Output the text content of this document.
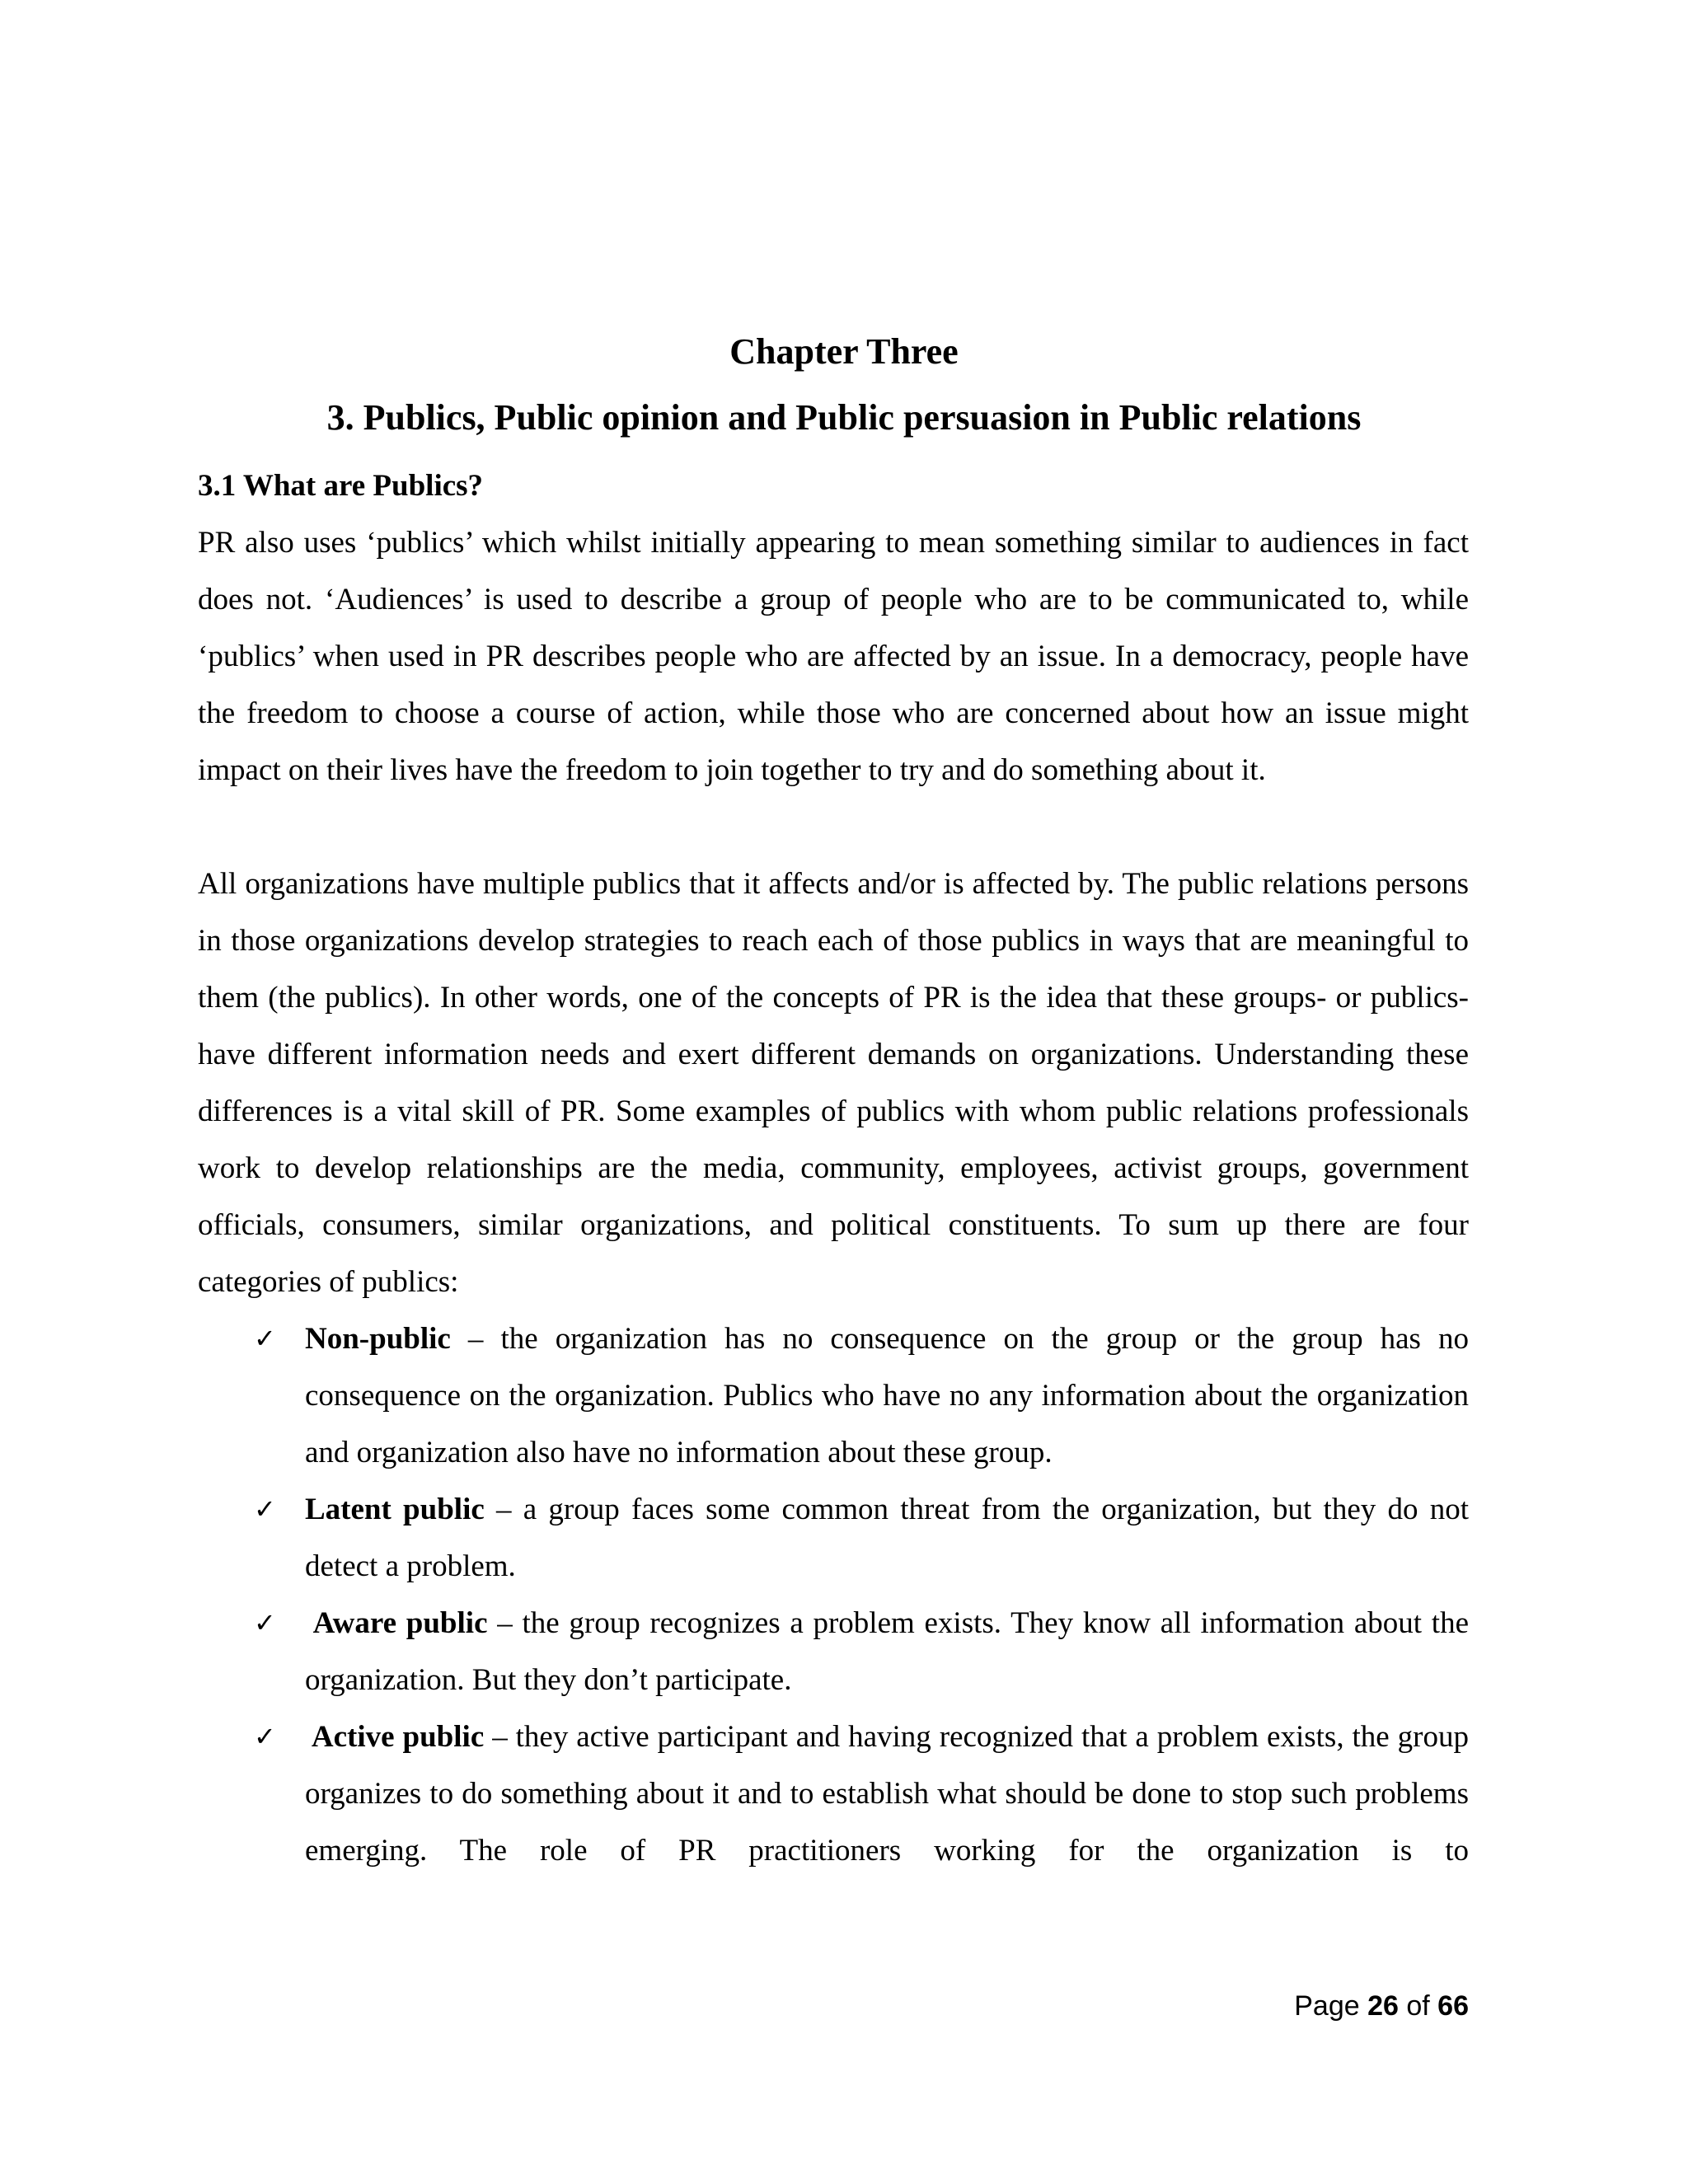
Chapter Three
3. Publics, Public opinion and Public persuasion in Public relations
3.1 What are Publics?

PR also uses ‘publics’ which whilst initially appearing to mean something similar to audiences in fact does not. ‘Audiences’ is used to describe a group of people who are to be communicated to, while ‘publics’ when used in PR describes people who are affected by an issue. In a democracy, people have the freedom to choose a course of action, while those who are concerned about how an issue might impact on their lives have the freedom to join together to try and do something about it.

All organizations have multiple publics that it affects and/or is affected by. The public relations persons in those organizations develop strategies to reach each of those publics in ways that are meaningful to them (the publics). In other words, one of the concepts of PR is the idea that these groups- or publics- have different information needs and exert different demands on organizations. Understanding these differences is a vital skill of PR. Some examples of publics with whom public relations professionals work to develop relationships are the media, community, employees, activist groups, government officials, consumers, similar organizations, and political constituents. To sum up there are four categories of publics:

✓ Non-public – the organization has no consequence on the group or the group has no consequence on the organization. Publics who have no any information about the organization and organization also have no information about these group.
✓ Latent public – a group faces some common threat from the organization, but they do not detect a problem.
✓ Aware public – the group recognizes a problem exists. They know all information about the organization. But they don’t participate.
✓ Active public – they active participant and having recognized that a problem exists, the group organizes to do something about it and to establish what should be done to stop such problems emerging. The role of PR practitioners working for the organization is to
Page 26 of 66
